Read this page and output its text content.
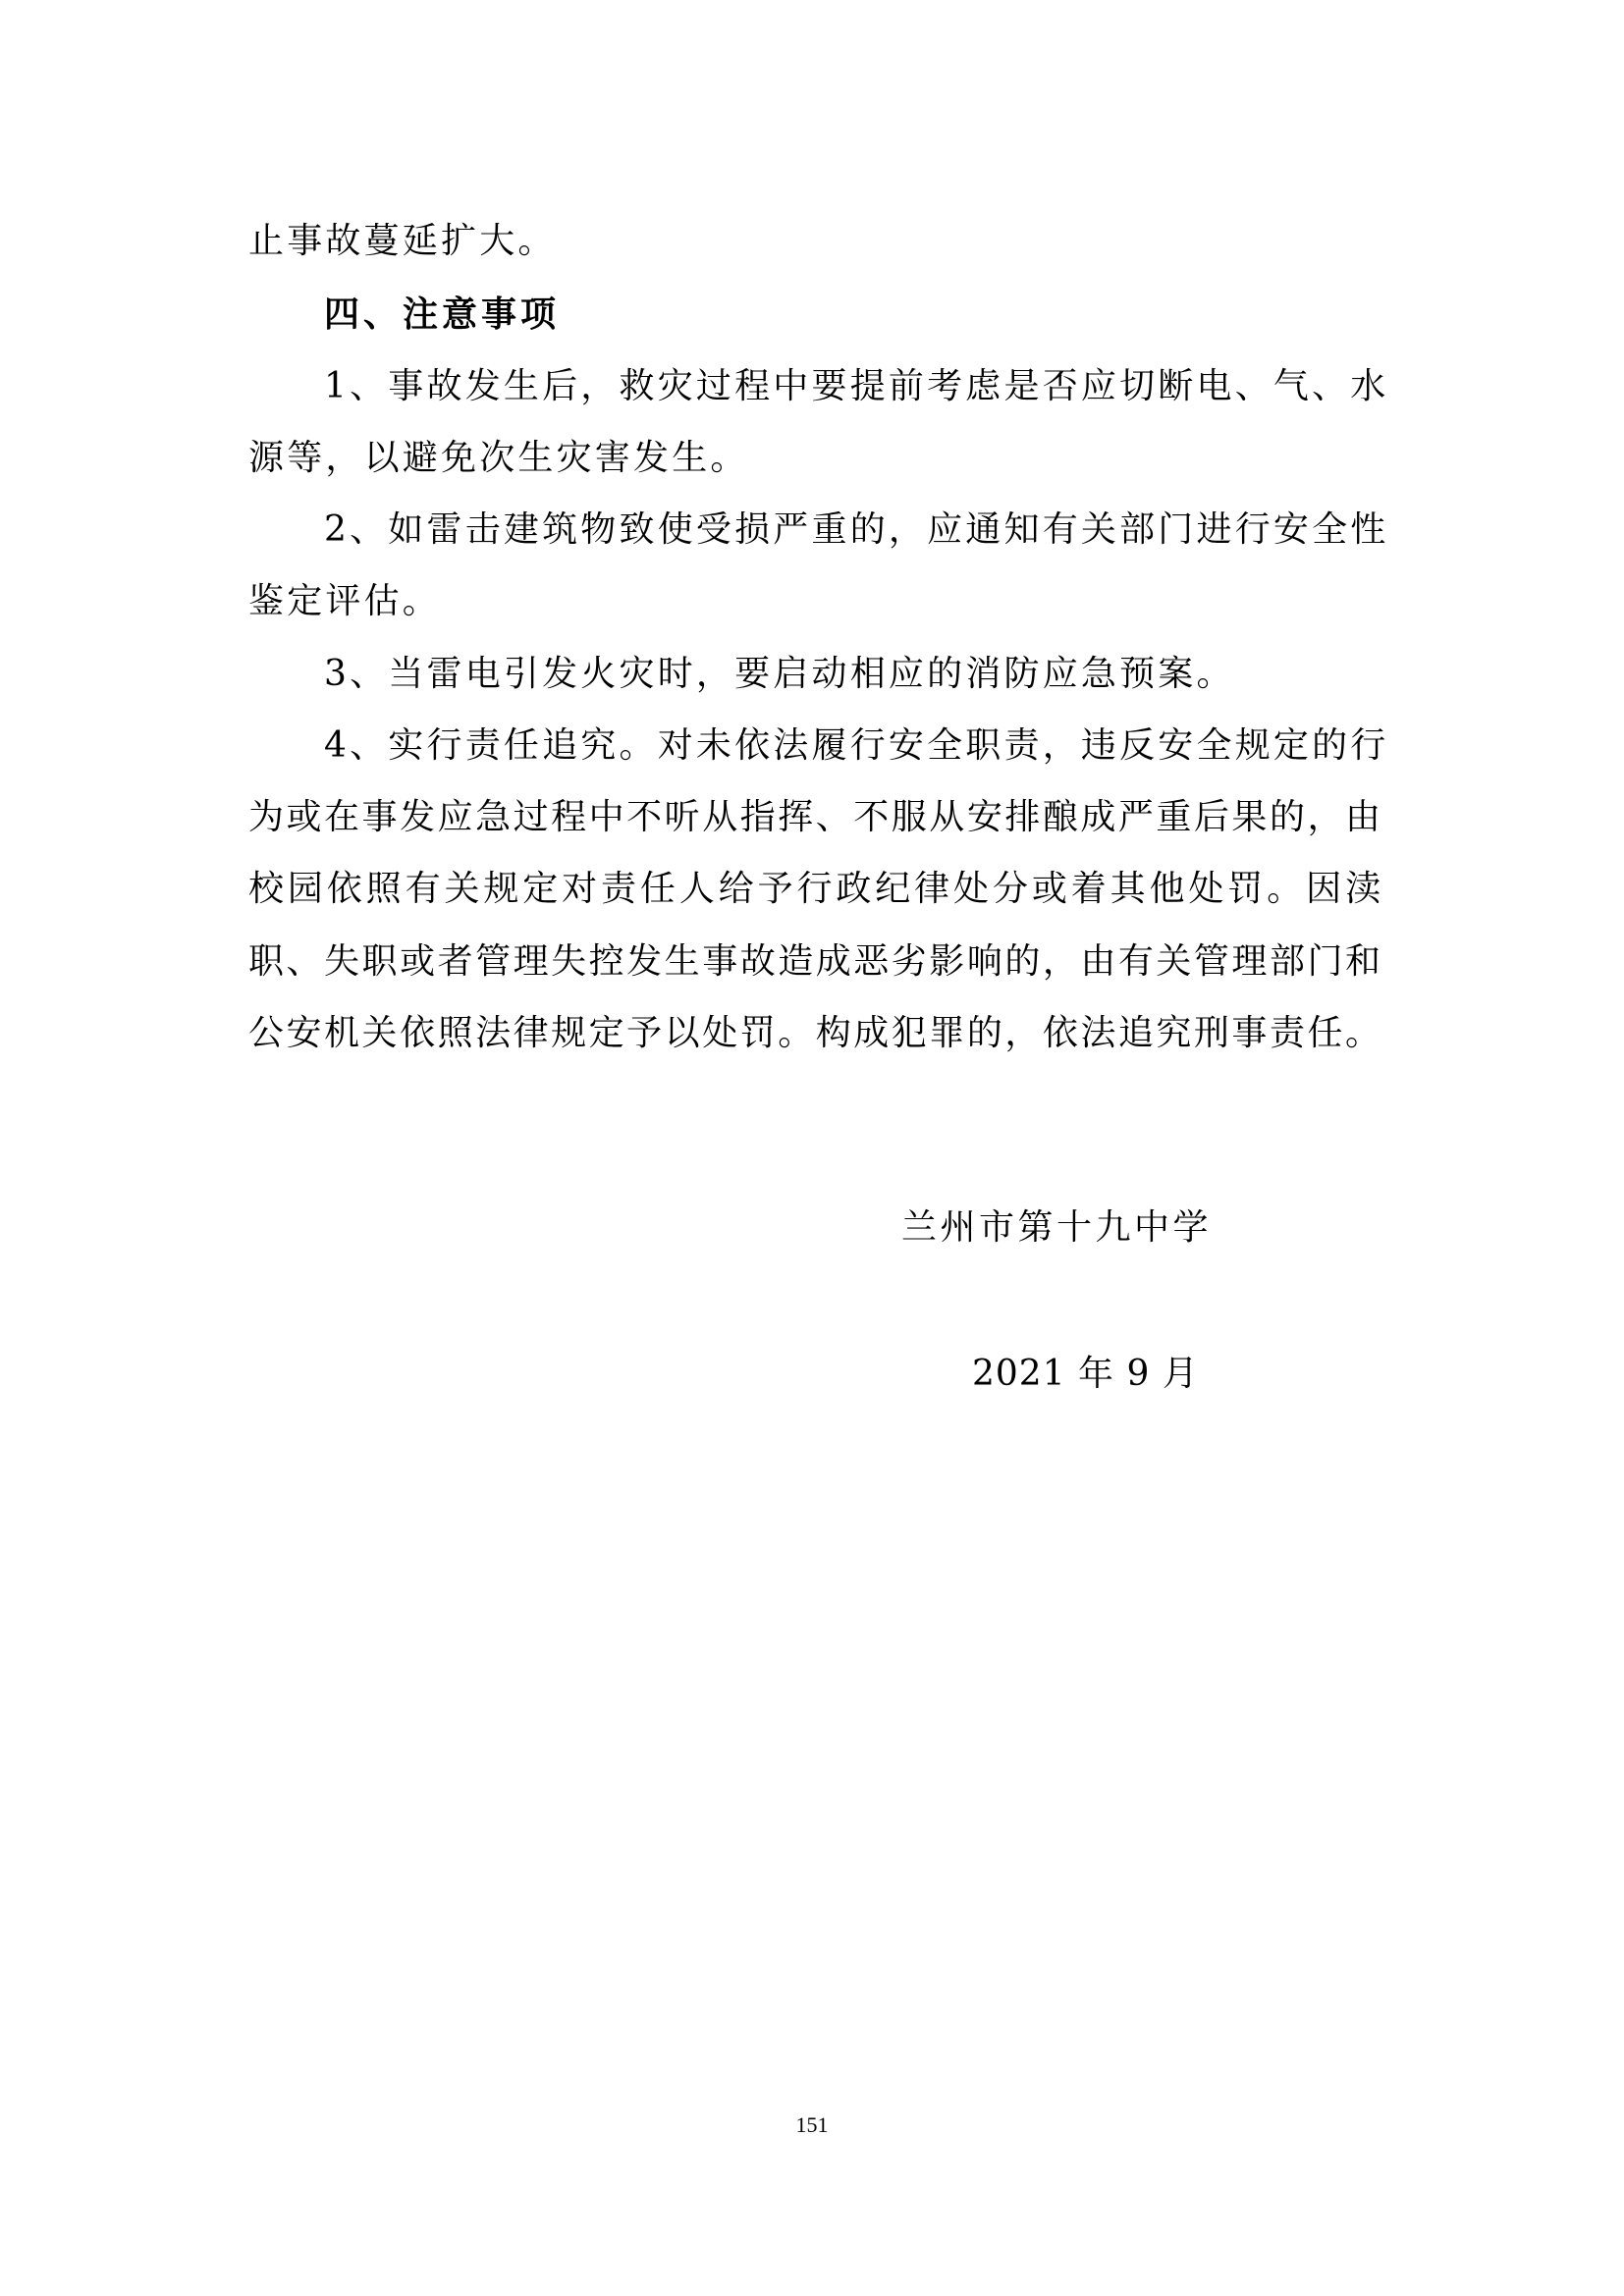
止事故蔓延扩大。
四、注意事项
1、事故发生后，救灾过程中要提前考虑是否应切断电、气、水
源等，以避免次生灾害发生。
2、如雷击建筑物致使受损严重的，应通知有关部门进行安全性
鉴定评估。
3、当雷电引发火灾时，要启动相应的消防应急预案。
4、实行责任追究。对未依法履行安全职责，违反安全规定的行
为或在事发应急过程中不听从指挥、不服从安排酿成严重后果的，由
校园依照有关规定对责任人给予行政纪律处分或着其他处罚。因渎
职、失职或者管理失控发生事故造成恶劣影响的，由有关管理部门和
公安机关依照法律规定予以处罚。构成犯罪的，依法追究刑事责任。
兰州市第十九中学
2021 年 9 月
151
